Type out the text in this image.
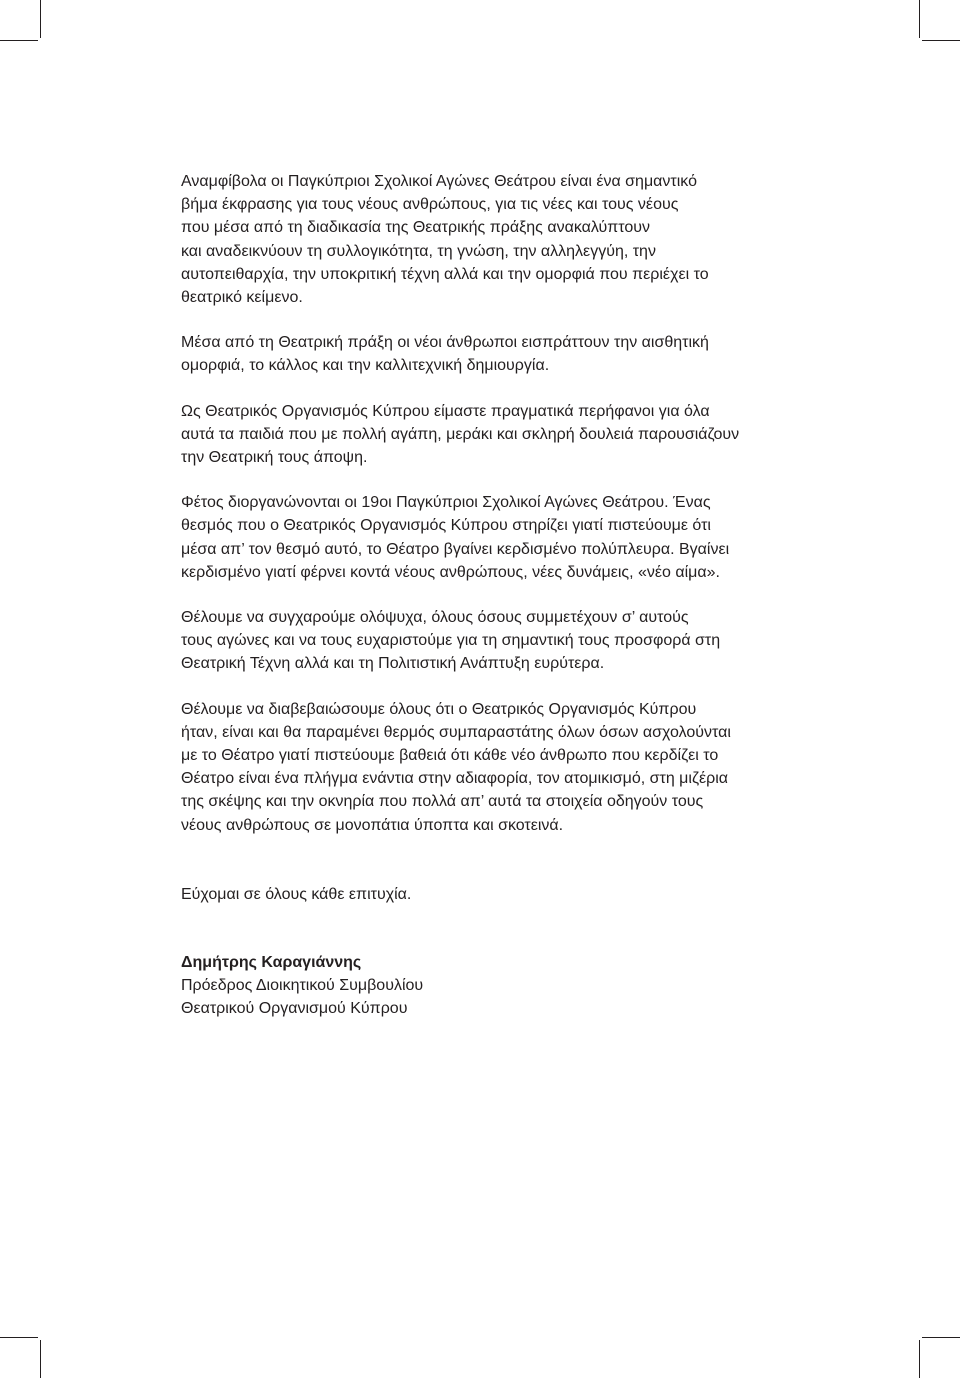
Αναμφίβολα οι Παγκύπριοι Σχολικοί Αγώνες Θεάτρου είναι ένα σημαντικό
βήμα έκφρασης για τους νέους ανθρώπους, για τις νέες και τους νέους
που μέσα από τη διαδικασία της Θεατρικής πράξης ανακαλύπτουν
και αναδεικνύουν τη συλλογικότητα, τη γνώση, την αλληλεγγύη, την
αυτοπειθαρχία, την υποκριτική τέχνη αλλά και την ομορφιά που περιέχει το
θεατρικό κείμενο.

Μέσα από τη Θεατρική πράξη οι νέοι άνθρωποι εισπράττουν την αισθητική
ομορφιά, το κάλλος και την καλλιτεχνική δημιουργία.

Ως Θεατρικός Οργανισμός Κύπρου είμαστε πραγματικά περήφανοι για όλα
αυτά τα παιδιά που με πολλή αγάπη, μεράκι και σκληρή δουλειά παρουσιάζουν
την Θεατρική τους άποψη.

Φέτος διοργανώνονται οι 19οι Παγκύπριοι Σχολικοί Αγώνες Θεάτρου. Ένας
θεσμός που ο Θεατρικός Οργανισμός Κύπρου στηρίζει γιατί πιστεύουμε ότι
μέσα απ’ τον θεσμό αυτό, το Θέατρο βγαίνει κερδισμένο πολύπλευρα. Βγαίνει
κερδισμένο γιατί φέρνει κοντά νέους ανθρώπους, νέες δυνάμεις, «νέο αίμα».

Θέλουμε να συγχαρούμε ολόψυχα, όλους όσους συμμετέχουν σ’ αυτούς
τους αγώνες και να τους ευχαριστούμε για τη σημαντική τους προσφορά στη
Θεατρική Τέχνη αλλά και τη Πολιτιστική Ανάπτυξη ευρύτερα.

Θέλουμε να διαβεβαιώσουμε όλους ότι ο Θεατρικός Οργανισμός Κύπρου
ήταν, είναι και θα παραμένει θερμός συμπαραστάτης όλων όσων ασχολούνται
με το Θέατρο γιατί πιστεύουμε βαθειά ότι κάθε νέο άνθρωπο που κερδίζει το
Θέατρο είναι ένα πλήγμα ενάντια στην αδιαφορία, τον ατομικισμό, στη μιζέρια
της σκέψης και την οκνηρία που πολλά απ’ αυτά τα στοιχεία οδηγούν τους
νέους ανθρώπους σε μονοπάτια ύποπτα και σκοτεινά.

Εύχομαι σε όλους κάθε επιτυχία.
Δημήτρης Καραγιάννης
Πρόεδρος Διοικητικού Συμβουλίου
Θεατρικού Οργανισμού Κύπρου
